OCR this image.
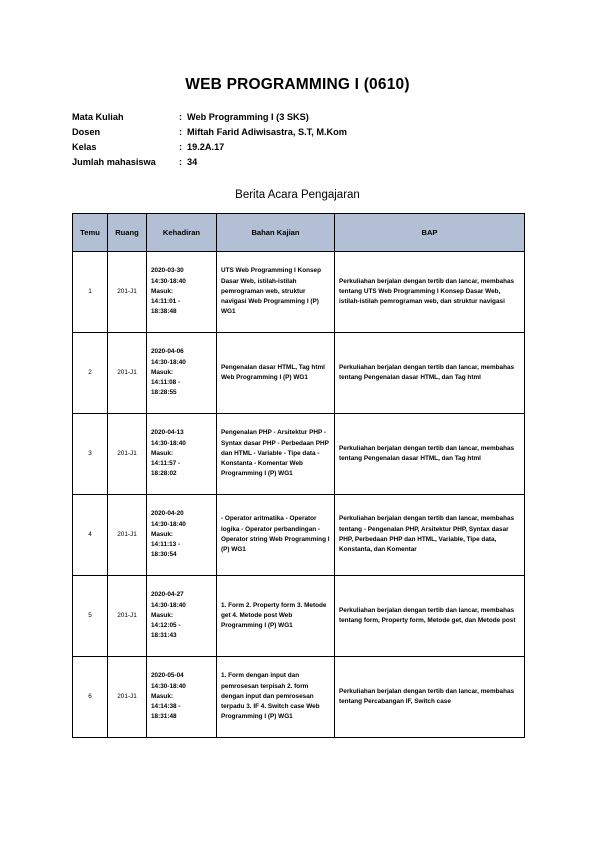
WEB PROGRAMMING I (0610)
Mata Kuliah	: Web Programming I (3 SKS)
Dosen	: Miftah Farid Adiwisastra, S.T, M.Kom
Kelas	: 19.2A.17
Jumlah mahasiswa	: 34
Berita Acara Pengajaran
Temu	Ruang	Kehadiran	Bahan Kajian	BAP
1	201-J1	2020-03-30
14:30-18:40
Masuk:
14:11:01 -
18:38:48	UTS Web Programming I Konsep Dasar Web, istilah-istilah pemrograman web, struktur navigasi Web Programming I (P) WG1	Perkuliahan berjalan dengan tertib dan lancar, membahas tentang UTS Web Programming I Konsep Dasar Web, istilah-istilah pemrograman web, dan struktur navigasi
2	201-J1	2020-04-06
14:30-18:40
Masuk:
14:11:08 -
18:28:55	Pengenalan dasar HTML, Tag html Web Programming I (P) WG1	Perkuliahan berjalan dengan tertib dan lancar, membahas tentang Pengenalan dasar HTML, dan Tag html
3	201-J1	2020-04-13
14:30-18:40
Masuk:
14:11:57 -
18:28:02	Pengenalan PHP - Arsitektur PHP - Syntax dasar PHP - Perbedaan PHP dan HTML - Variable - Tipe data - Konstanta - Komentar Web Programming I (P) WG1	Perkuliahan berjalan dengan tertib dan lancar, membahas tentang Pengenalan dasar HTML, dan Tag html
4	201-J1	2020-04-20
14:30-18:40
Masuk:
14:11:13 -
18:30:54	- Operator aritmatika - Operator logika - Operator perbandingan - Operator string Web Programming I (P) WG1	Perkuliahan berjalan dengan tertib dan lancar, membahas tentang - Pengenalan PHP, Arsitektur PHP, Syntax dasar PHP, Perbedaan PHP dan HTML, Variable, Tipe data, Konstanta, dan Komentar
5	201-J1	2020-04-27
14:30-18:40
Masuk:
14:12:05 -
18:31:43	1. Form 2. Property form 3. Metode get 4. Metode post Web Programming I (P) WG1	Perkuliahan berjalan dengan tertib dan lancar, membahas tentang form, Property form, Metode get, dan Metode post
6	201-J1	2020-05-04
14:30-18:40
Masuk:
14:14:38 -
18:31:48	1. Form dengan input dan pemrosesan terpisah 2. form dengan input dan pemrosesan terpadu 3. IF 4. Switch case Web Programming I (P) WG1	Perkuliahan berjalan dengan tertib dan lancar, membahas tentang Percabangan IF, Switch case
